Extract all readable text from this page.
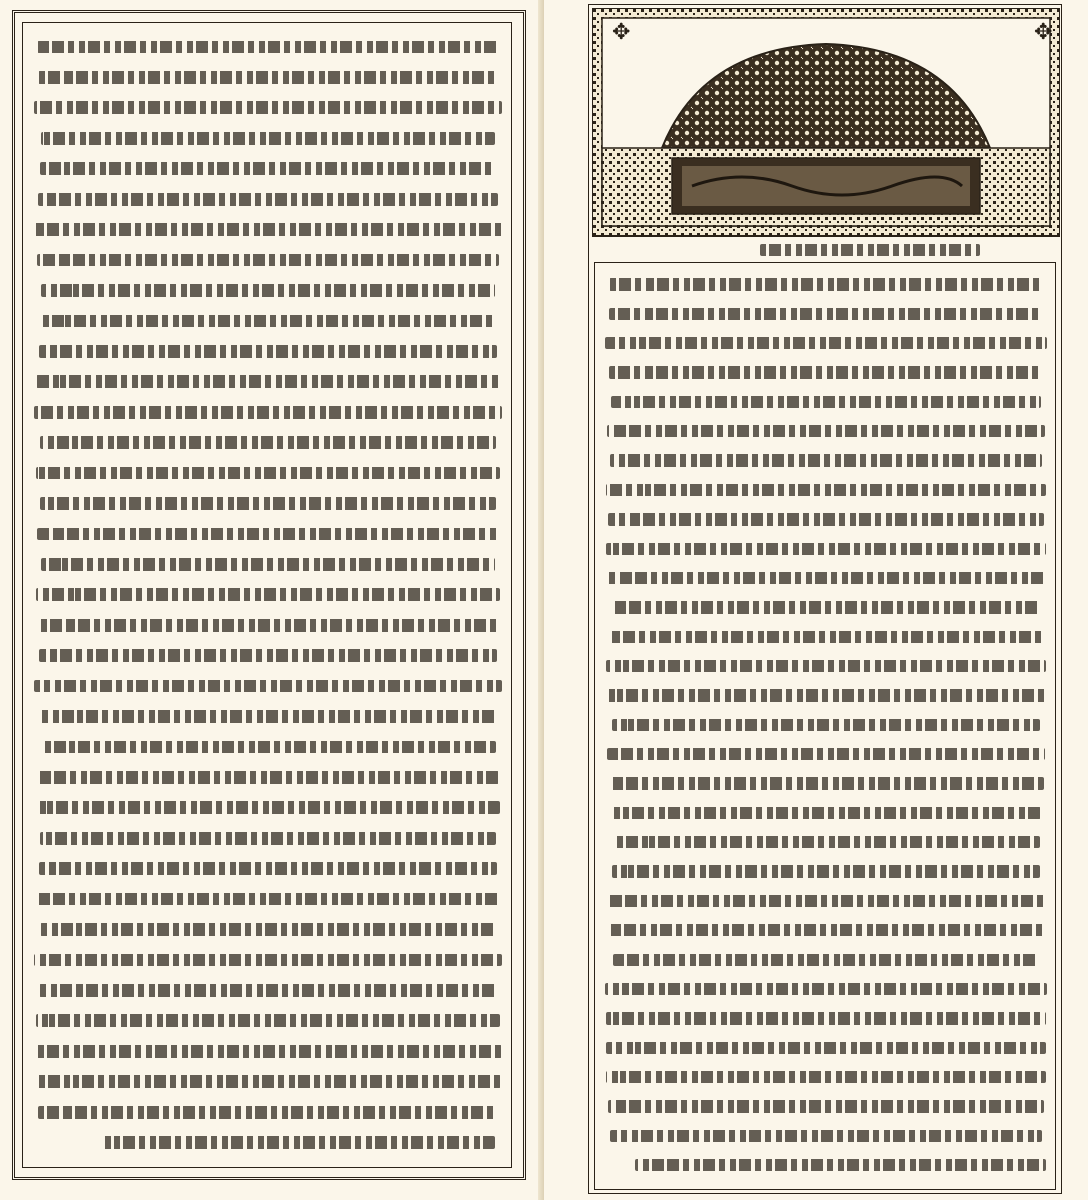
✥	✥
